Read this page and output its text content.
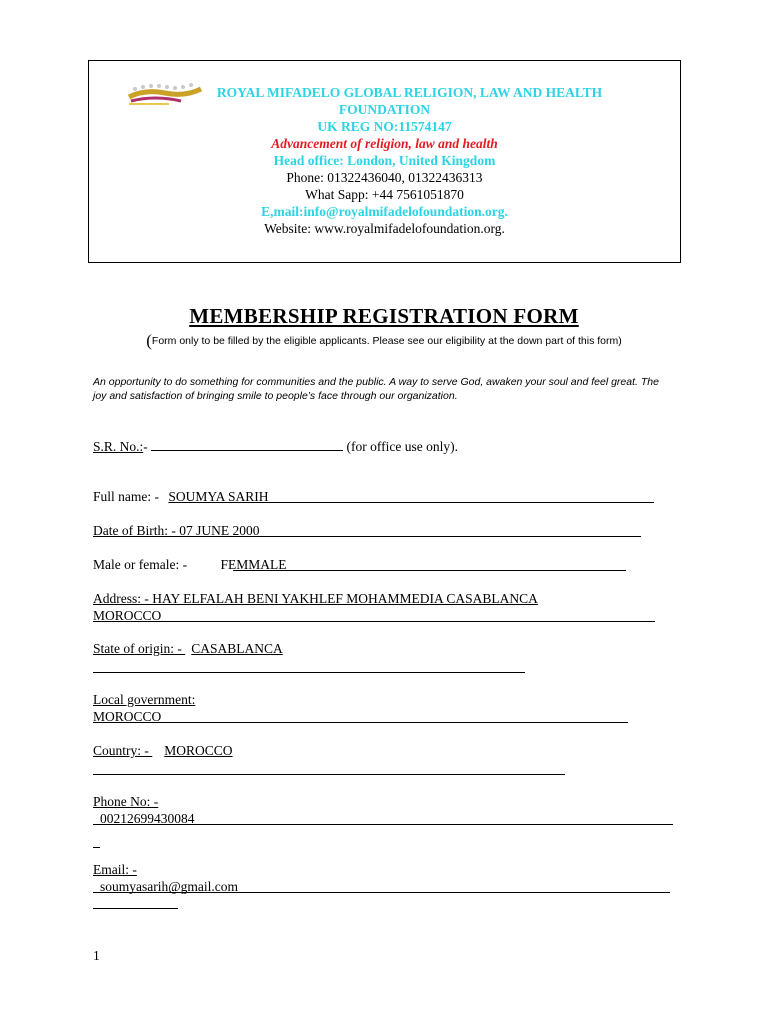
ROYAL MIFADELO GLOBAL RELIGION, LAW AND HEALTH
FOUNDATION
UK REG NO:11574147
Advancement of religion, law and health
Head office: London, United Kingdom
Phone: 01322436040, 01322436313
What Sapp: +44 7561051870
E,mail:info@royalmifadelofoundation.org.
Website: www.royalmifadelofoundation.org.
MEMBERSHIP REGISTRATION FORM
(Form only to be filled by the eligible applicants. Please see our eligibility at the down part of this form)
An opportunity to do something for communities and the public. A way to serve God, awaken your soul and feel great. The joy and satisfaction of bringing smile to people’s face through our organization.
S.R. No.:-	(for office use only).
Full name: - SOUMYA SARIH
Date of Birth: - 07 JUNE 2000
Male or female: - FEMMALE
Address: - HAY ELFALAH BENI YAKHLEF MOHAMMEDIA CASABLANCA
MOROCCO
State of origin: - CASABLANCA
Local government:
MOROCCO
Country: - MOROCCO
Phone No: -
00212699430084
Email: -
soumyasarih@gmail.com
1
